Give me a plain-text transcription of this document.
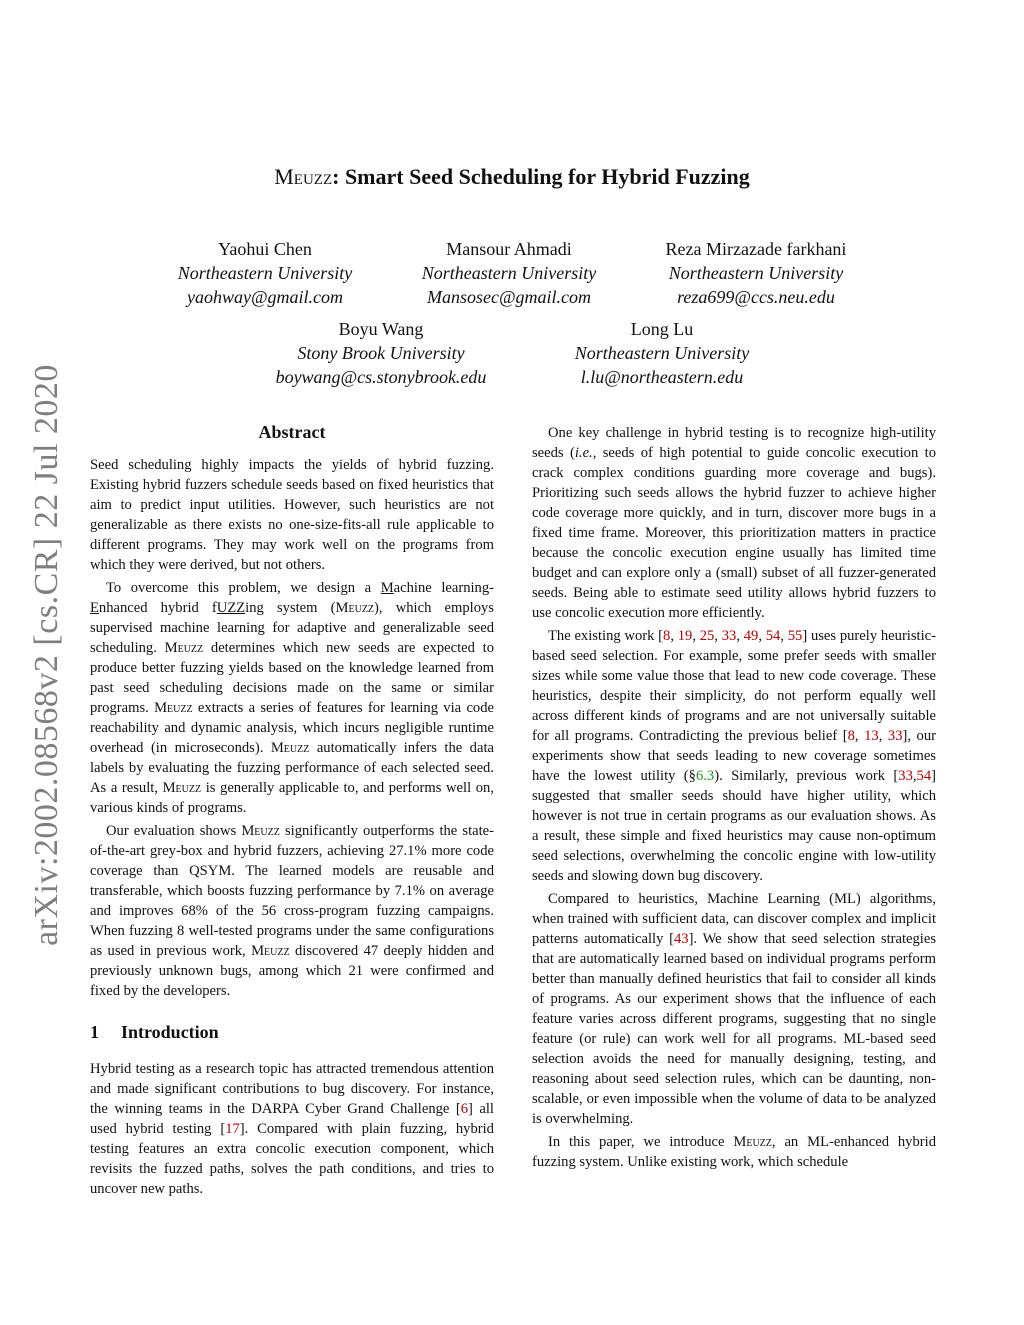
arXiv:2002.08568v2 [cs.CR] 22 Jul 2020
Meuzz: Smart Seed Scheduling for Hybrid Fuzzing
Yaohui Chen
Northeastern University
yaohway@gmail.com
Mansour Ahmadi
Northeastern University
Mansosec@gmail.com
Reza Mirzazade farkhani
Northeastern University
reza699@ccs.neu.edu
Boyu Wang
Stony Brook University
boywang@cs.stonybrook.edu
Long Lu
Northeastern University
l.lu@northeastern.edu
Abstract

Seed scheduling highly impacts the yields of hybrid fuzzing. Existing hybrid fuzzers schedule seeds based on fixed heuristics that aim to predict input utilities. However, such heuristics are not generalizable as there exists no one-size-fits-all rule applicable to different programs. They may work well on the programs from which they were derived, but not others.

To overcome this problem, we design a Machine learning-Enhanced hybrid fUZZing system (Meuzz), which employs supervised machine learning for adaptive and generalizable seed scheduling. Meuzz determines which new seeds are expected to produce better fuzzing yields based on the knowledge learned from past seed scheduling decisions made on the same or similar programs. Meuzz extracts a series of features for learning via code reachability and dynamic analysis, which incurs negligible runtime overhead (in microseconds). Meuzz automatically infers the data labels by evaluating the fuzzing performance of each selected seed. As a result, Meuzz is generally applicable to, and performs well on, various kinds of programs.

Our evaluation shows Meuzz significantly outperforms the state-of-the-art grey-box and hybrid fuzzers, achieving 27.1% more code coverage than QSYM. The learned models are reusable and transferable, which boosts fuzzing performance by 7.1% on average and improves 68% of the 56 cross-program fuzzing campaigns. When fuzzing 8 well-tested programs under the same configurations as used in previous work, Meuzz discovered 47 deeply hidden and previously unknown bugs, among which 21 were confirmed and fixed by the developers.

1 Introduction

Hybrid testing as a research topic has attracted tremendous attention and made significant contributions to bug discovery. For instance, the winning teams in the DARPA Cyber Grand Challenge [6] all used hybrid testing [17]. Compared with plain fuzzing, hybrid testing features an extra concolic execution component, which revisits the fuzzed paths, solves the path conditions, and tries to uncover new paths.

One key challenge in hybrid testing is to recognize high-utility seeds (i.e., seeds of high potential to guide concolic execution to crack complex conditions guarding more coverage and bugs). Prioritizing such seeds allows the hybrid fuzzer to achieve higher code coverage more quickly, and in turn, discover more bugs in a fixed time frame. Moreover, this prioritization matters in practice because the concolic execution engine usually has limited time budget and can explore only a (small) subset of all fuzzer-generated seeds. Being able to estimate seed utility allows hybrid fuzzers to use concolic execution more efficiently.

The existing work [8, 19, 25, 33, 49, 54, 55] uses purely heuristic-based seed selection. For example, some prefer seeds with smaller sizes while some value those that lead to new code coverage. These heuristics, despite their simplicity, do not perform equally well across different kinds of programs and are not universally suitable for all programs. Contradicting the previous belief [8, 13, 33], our experiments show that seeds leading to new coverage sometimes have the lowest utility (§6.3). Similarly, previous work [33,54] suggested that smaller seeds should have higher utility, which however is not true in certain programs as our evaluation shows. As a result, these simple and fixed heuristics may cause non-optimum seed selections, overwhelming the concolic engine with low-utility seeds and slowing down bug discovery.

Compared to heuristics, Machine Learning (ML) algorithms, when trained with sufficient data, can discover complex and implicit patterns automatically [43]. We show that seed selection strategies that are automatically learned based on individual programs perform better than manually defined heuristics that fail to consider all kinds of programs. As our experiment shows that the influence of each feature varies across different programs, suggesting that no single feature (or rule) can work well for all programs. ML-based seed selection avoids the need for manually designing, testing, and reasoning about seed selection rules, which can be daunting, non-scalable, or even impossible when the volume of data to be analyzed is overwhelming.

In this paper, we introduce Meuzz, an ML-enhanced hybrid fuzzing system. Unlike existing work, which schedule
